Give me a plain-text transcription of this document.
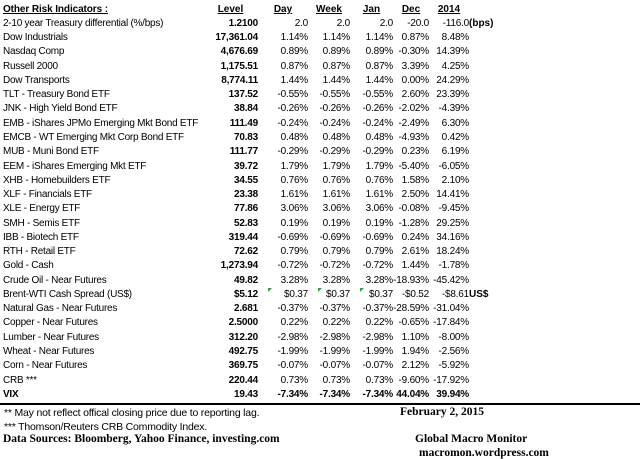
Other Risk Indicators :	Level	Day	Week	Jan	Dec	2014	
2-10 year Treasury differential (%/bps)	1.2100	2.0	2.0	2.0	-20.0	-116.0	(bps)
Dow Industrials	17,361.04	1.14%	1.14%	1.14%	0.87%	8.48%	
Nasdaq Comp	4,676.69	0.89%	0.89%	0.89%	-0.30%	14.39%	
Russell 2000	1,175.51	0.87%	0.87%	0.87%	3.39%	4.25%	
Dow Transports	8,774.11	1.44%	1.44%	1.44%	0.00%	24.29%	
TLT - Treasury Bond ETF	137.52	-0.55%	-0.55%	-0.55%	2.60%	23.39%	
JNK - High Yield Bond ETF	38.84	-0.26%	-0.26%	-0.26%	-2.02%	-4.39%	
EMB - iShares JPMo Emerging Mkt Bond ETF	111.49	-0.24%	-0.24%	-0.24%	-2.49%	6.30%	
EMCB - WT Emerging Mkt Corp Bond ETF	70.83	0.48%	0.48%	0.48%	-4.93%	0.42%	
MUB - Muni Bond ETF	111.77	-0.29%	-0.29%	-0.29%	0.23%	6.19%	
EEM - iShares Emerging Mkt ETF	39.72	1.79%	1.79%	1.79%	-5.40%	-6.05%	
XHB - Homebuilders ETF	34.55	0.76%	0.76%	0.76%	1.58%	2.10%	
XLF - Financials ETF	23.38	1.61%	1.61%	1.61%	2.50%	14.41%	
XLE - Energy ETF	77.86	3.06%	3.06%	3.06%	-0.08%	-9.45%	
SMH - Semis ETF	52.83	0.19%	0.19%	0.19%	-1.28%	29.25%	
IBB - Biotech ETF	319.44	-0.69%	-0.69%	-0.69%	0.24%	34.16%	
RTH - Retail ETF	72.62	0.79%	0.79%	0.79%	2.61%	18.24%	
Gold - Cash	1,273.94	-0.72%	-0.72%	-0.72%	1.44%	-1.78%	
Crude Oil - Near Futures	49.82	3.28%	3.28%	3.28%	-18.93%	-45.42%	
Brent-WTI Cash Spread (US$)	$5.12	$0.37	$0.37	$0.37	-$0.52	-$8.61	US$
Natural Gas - Near Futures	2.681	-0.37%	-0.37%	-0.37%	-28.59%	-31.04%	
Copper - Near Futures	2.5000	0.22%	0.22%	0.22%	-0.65%	-17.84%	
Lumber - Near Futures	312.20	-2.98%	-2.98%	-2.98%	1.10%	-8.00%	
Wheat - Near Futures	492.75	-1.99%	-1.99%	-1.99%	1.94%	-2.56%	
Corn - Near Futures	369.75	-0.07%	-0.07%	-0.07%	2.12%	-5.92%	
CRB ***	220.44	0.73%	0.73%	0.73%	-9.60%	-17.92%	
VIX	19.43	-7.34%	-7.34%	-7.34%	44.04%	39.94%	
** May not reflect offical closing price due to reporting lag.
*** Thomson/Reuters CRB Commodity Index.
Data Sources: Bloomberg, Yahoo Finance, investing.com
February 2, 2015
Global Macro Monitor
macromon.wordpress.com
